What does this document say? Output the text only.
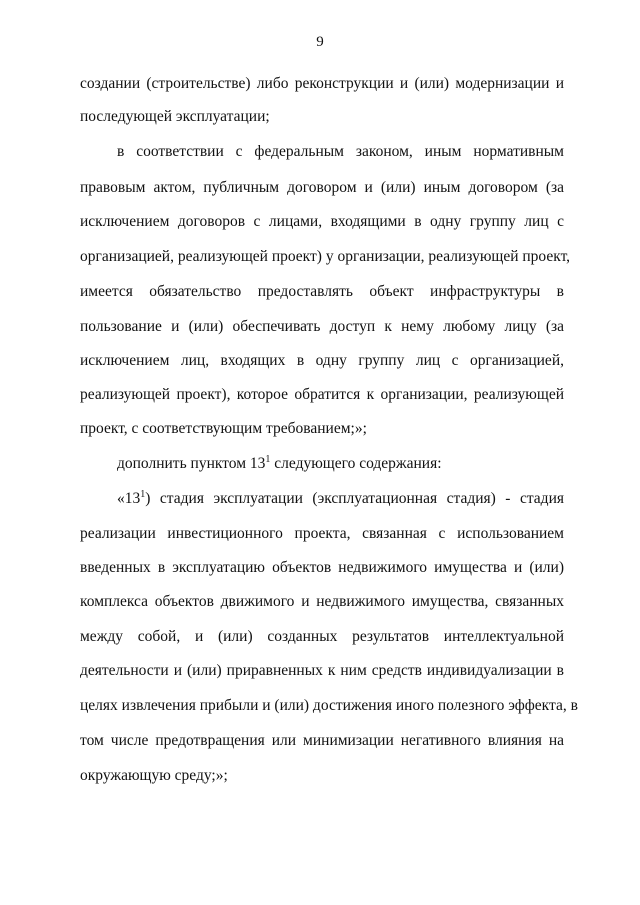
9
создании (строительстве) либо реконструкции и (или) модернизации и
последующей эксплуатации;
в соответствии с федеральным законом, иным нормативным
правовым актом, публичным договором и (или) иным договором (за
исключением договоров с лицами, входящими в одну группу лиц с
организацией, реализующей проект) у организации, реализующей проект,
имеется обязательство предоставлять объект инфраструктуры в
пользование и (или) обеспечивать доступ к нему любому лицу (за
исключением лиц, входящих в одну группу лиц с организацией,
реализующей проект), которое обратится к организации, реализующей
проект, с соответствующим требованием;»;
дополнить пунктом $13^1$ следующего содержания:
«$13^1$) стадия эксплуатации (эксплуатационная стадия) - стадия
реализации инвестиционного проекта, связанная с использованием
введенных в эксплуатацию объектов недвижимого имущества и (или)
комплекса объектов движимого и недвижимого имущества, связанных
между собой, и (или) созданных результатов интеллектуальной
деятельности и (или) приравненных к ним средств индивидуализации в
целях извлечения прибыли и (или) достижения иного полезного эффекта, в
том числе предотвращения или минимизации негативного влияния на
окружающую среду;»;
